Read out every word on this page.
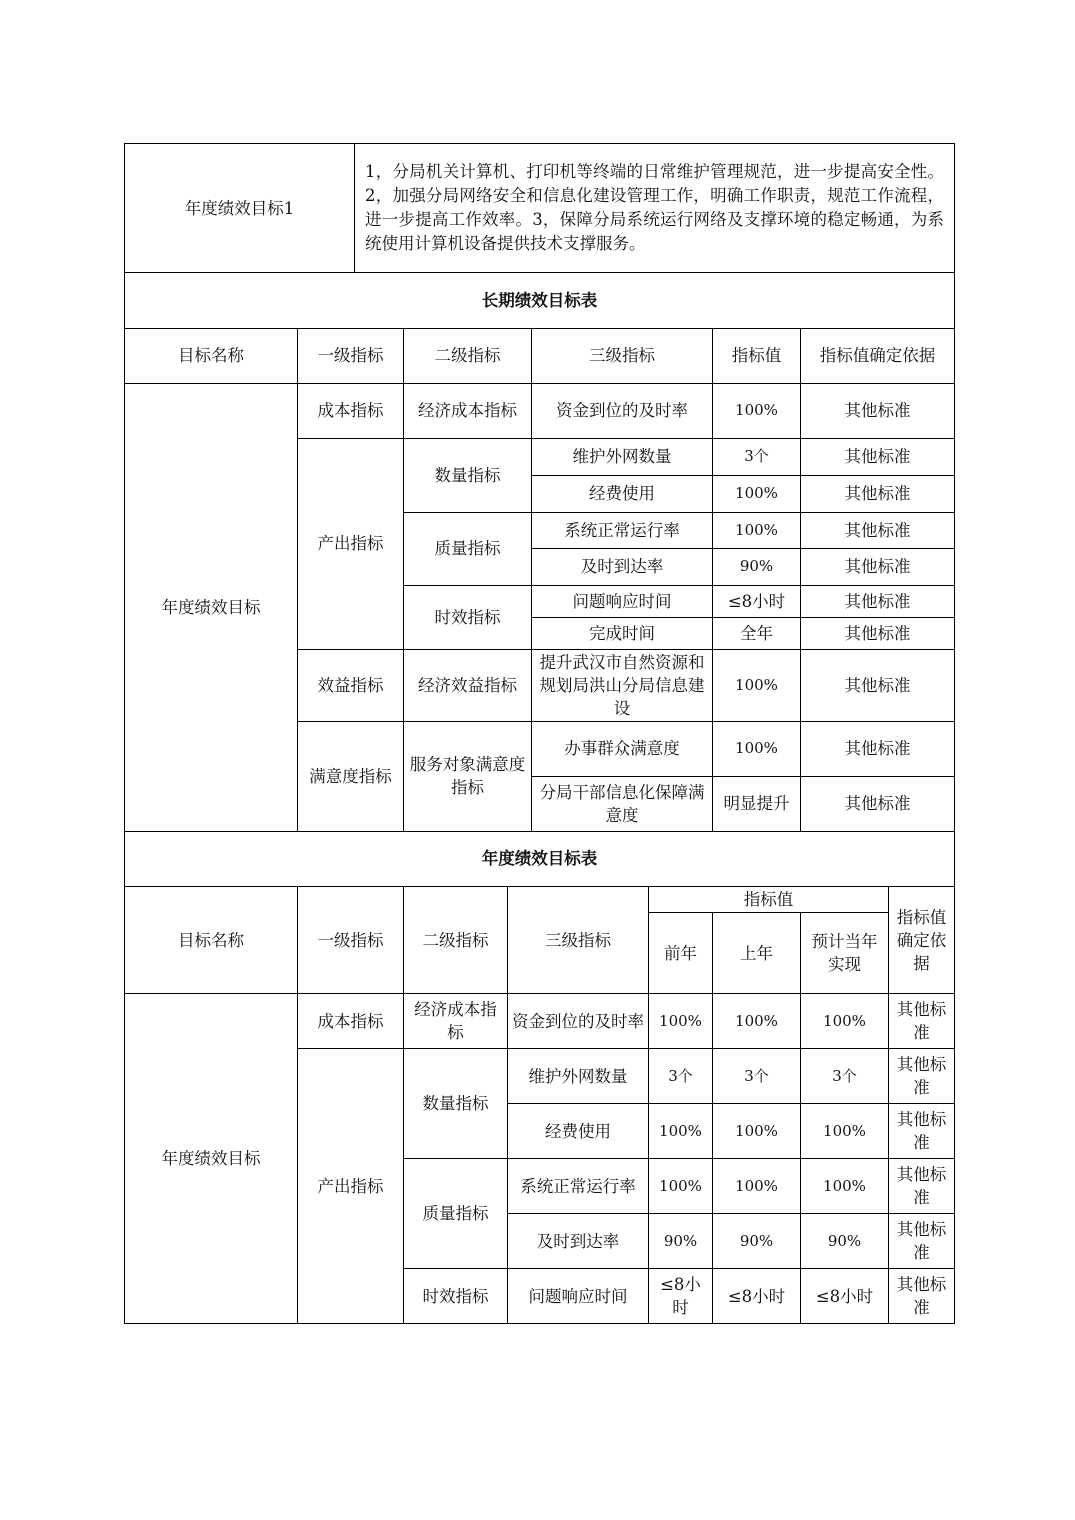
年度绩效目标1	1，分局机关计算机、打印机等终端的日常维护管理规范，进一步提高安全性。2，加强分局网络安全和信息化建设管理工作，明确工作职责，规范工作流程，进一步提高工作效率。3，保障分局系统运行网络及支撑环境的稳定畅通，为系统使用计算机设备提供技术支撑服务。
长期绩效目标表					
目标名称	一级指标	二级指标	三级指标	指标值	指标值确定依据
年度绩效目标	成本指标	经济成本指标	资金到位的及时率	100%	其他标准
	产出指标	数量指标	维护外网数量	3个	其他标准
			经费使用	100%	其他标准
		质量指标	系统正常运行率	100%	其他标准
			及时到达率	90%	其他标准
		时效指标	问题响应时间	≤8小时	其他标准
			完成时间	全年	其他标准
	效益指标	经济效益指标	提升武汉市自然资源和规划局洪山分局信息建设	100%	其他标准
	满意度指标	服务对象满意度指标	办事群众满意度	100%	其他标准
			分局干部信息化保障满意度	明显提升	其他标准
年度绩效目标表							
目标名称	一级指标	二级指标	三级指标	指标值			指标值确定依据
				前年	上年	预计当年实现	
年度绩效目标	成本指标	经济成本指标	资金到位的及时率	100%	100%	100%	其他标准
	产出指标	数量指标	维护外网数量	3个	3个	3个	其他标准
			经费使用	100%	100%	100%	其他标准
		质量指标	系统正常运行率	100%	100%	100%	其他标准
			及时到达率	90%	90%	90%	其他标准
		时效指标	问题响应时间	≤8小时	≤8小时	≤8小时	其他标准
